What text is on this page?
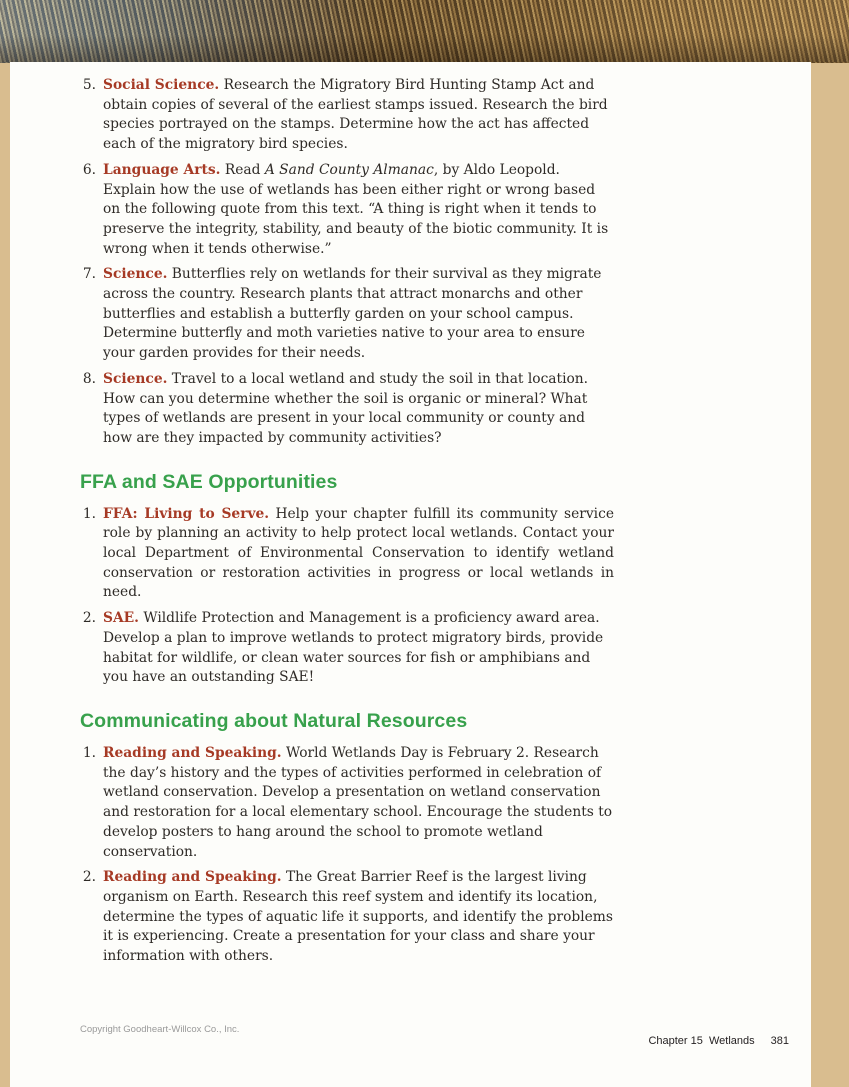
Social Science. Research the Migratory Bird Hunting Stamp Act and obtain copies of several of the earliest stamps issued. Research the bird species portrayed on the stamps. Determine how the act has affected each of the migratory bird species.
Language Arts. Read A Sand County Almanac, by Aldo Leopold. Explain how the use of wetlands has been either right or wrong based on the following quote from this text. “A thing is right when it tends to preserve the integrity, stability, and beauty of the biotic community. It is wrong when it tends otherwise.”
Science. Butterflies rely on wetlands for their survival as they migrate across the country. Research plants that attract monarchs and other butterflies and establish a butterfly garden on your school campus. Determine butterfly and moth varieties native to your area to ensure your garden provides for their needs.
Science. Travel to a local wetland and study the soil in that location. How can you determine whether the soil is organic or mineral? What types of wetlands are present in your local community or county and how are they impacted by community activities?
FFA and SAE Opportunities
FFA: Living to Serve. Help your chapter fulfill its community service role by planning an activity to help protect local wetlands. Contact your local Department of Environmental Conservation to identify wetland conservation or restoration activities in progress or local wetlands in need.
SAE. Wildlife Protection and Management is a proficiency award area. Develop a plan to improve wetlands to protect migratory birds, provide habitat for wildlife, or clean water sources for fish or amphibians and you have an outstanding SAE!
Communicating about Natural Resources
Reading and Speaking. World Wetlands Day is February 2. Research the day’s history and the types of activities performed in celebration of wetland conservation. Develop a presentation on wetland conservation and restoration for a local elementary school. Encourage the students to develop posters to hang around the school to promote wetland conservation.
Reading and Speaking. The Great Barrier Reef is the largest living organism on Earth. Research this reef system and identify its location, determine the types of aquatic life it supports, and identify the problems it is experiencing. Create a presentation for your class and share your information with others.
Copyright Goodheart-Willcox Co., Inc.

Chapter 15  Wetlands 381
